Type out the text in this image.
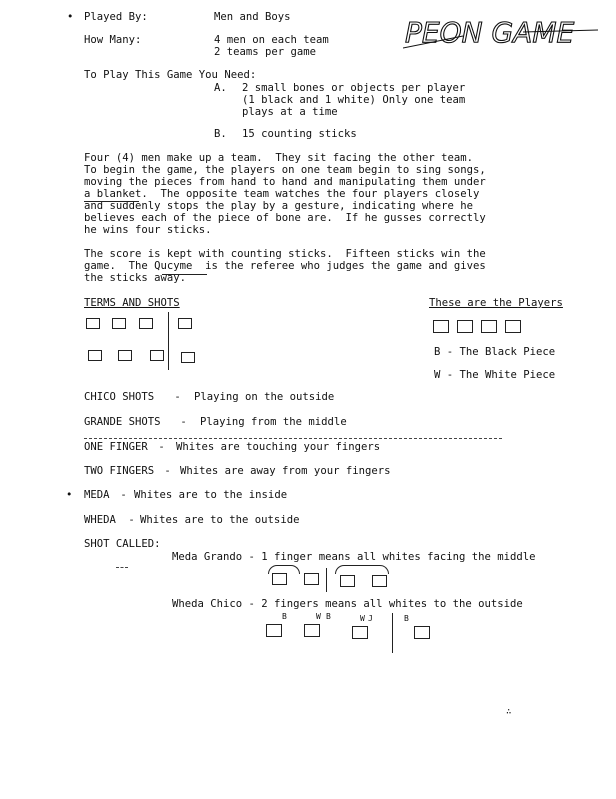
PEON GAME
• Played By:	Men and Boys
How Many:	4 men on each team
2 teams per game
To Play This Game You Need:
A. 2 small bones or objects per player
(1 black and 1 white) Only one team
plays at a time
B. 15 counting sticks
Four (4) men make up a team.  They sit facing the other team.
To begin the game, the players on one team begin to sing songs,
moving the pieces from hand to hand and manipulating them under
a blanket.  The opposite team watches the four players closely
and suddenly stops the play by a gesture, indicating where he
believes each of the piece of bone are.  If he gusses correctly
he wins four sticks.
The score is kept with counting sticks.  Fifteen sticks win the
game.  The Qucyme  is the referee who judges the game and gives
the sticks away.
TERMS AND SHOTS	These are the Players
B - The Black Piece
W - The White Piece
CHICO SHOTS - Playing on the outside
GRANDE SHOTS - Playing from the middle
ONE FINGER - Whites are touching your fingers
TWO FINGERS - Whites are away from your fingers
• MEDA - Whites are to the inside
WHEDA -
Whites are to the outside
SHOT CALLED:
Meda Grando - 1 finger means all whites facing the middle
Wheda Chico - 2 fingers means all whites to the outside
B	W B	W J	B
∴
